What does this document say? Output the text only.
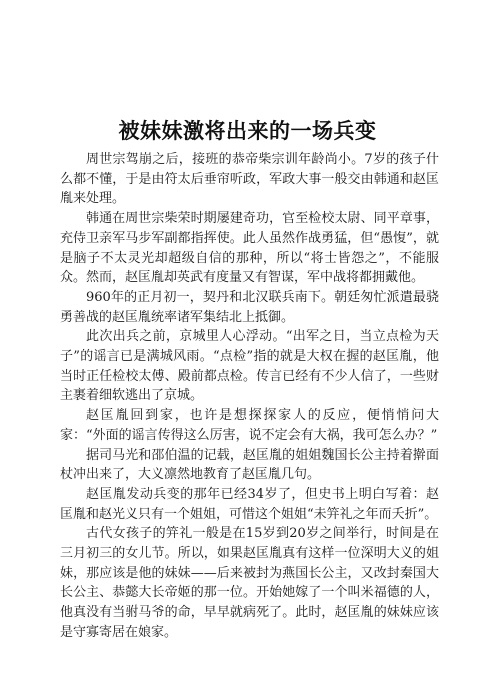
被妹妹激将出来的一场兵变

周世宗驾崩之后，接班的恭帝柴宗训年龄尚小。7岁的孩子什么都不懂，于是由符太后垂帘听政，军政大事一般交由韩通和赵匡胤来处理。

韩通在周世宗柴荣时期屡建奇功，官至检校太尉、同平章事，充侍卫亲军马步军副都指挥使。此人虽然作战勇猛，但“愚愎”，就是脑子不太灵光却超级自信的那种，所以“将士皆怨之”，不能服众。然而，赵匡胤却英武有度量又有智谋，军中战将都拥戴他。

960年的正月初一，契丹和北汉联兵南下。朝廷匆忙派遣最骁勇善战的赵匡胤统率诸军集结北上抵御。

此次出兵之前，京城里人心浮动。“出军之日，当立点检为天子”的谣言已是满城风雨。“点检”指的就是大权在握的赵匡胤，他当时正任检校太傅、殿前都点检。传言已经有不少人信了，一些财主裹着细软逃出了京城。

赵匡胤回到家，也许是想探探家人的反应，便悄悄问大家：“外面的谣言传得这么厉害，说不定会有大祸，我可怎么办？”

据司马光和邵伯温的记载，赵匡胤的姐姐魏国长公主持着擀面杖冲出来了，大义凛然地教育了赵匡胤几句。

赵匡胤发动兵变的那年已经34岁了，但史书上明白写着：赵匡胤和赵光义只有一个姐姐，可惜这个姐姐“未笄礼之年而夭折”。

古代女孩子的笄礼一般是在15岁到20岁之间举行，时间是在三月初三的女儿节。所以，如果赵匡胤真有这样一位深明大义的姐妹，那应该是他的妹妹——后来被封为燕国长公主，又改封秦国大长公主、恭懿大长帝姬的那一位。开始她嫁了一个叫米福德的人，他真没有当驸马爷的命，早早就病死了。此时，赵匡胤的妹妹应该是守寡寄居在娘家。
